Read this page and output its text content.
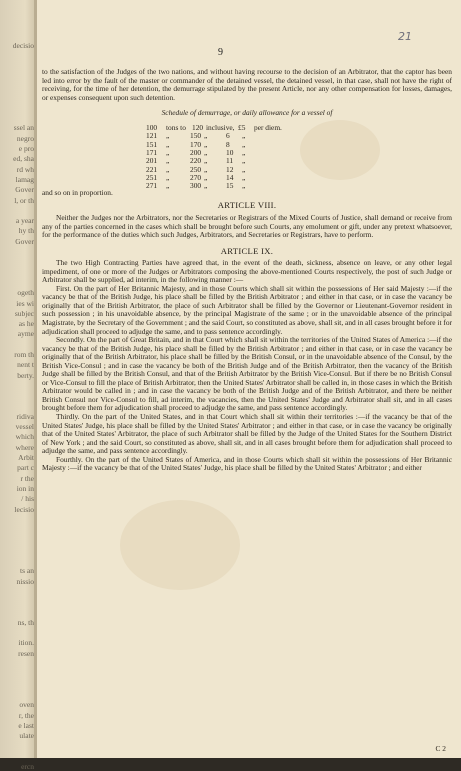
decisio
ssel an
negro
e pro
ed, sha
rd wh
lamag
Gover
l, or th
a year
hy th
Gover
ogeth
ies wi
subjec
as he
ayme
rom th
nent t
berty.
ridiva
vessel
which
where
Arbit
part c
r the
ion in
/ his
lecisio
ts an
nissio
ns, th
ition.
resen
oven
r, the
e last
ulate
ercn
21
9

to the satisfaction of the Judges of the two nations, and without having recourse to the decision of an Arbitrator, that the captor has been led into error by the fault of the master or commander of the detained vessel, the detained vessel, in that case, shall not have the right of receiving, for the time of her detention, the demurrage stipulated by the present Article, nor any other compensation for losses, damages, or expenses consequent upon such detention.

Schedule of demurrage, or daily allowance for a vessel of
100	tons to 120 inclusive, £5	per diem.
121	„	150 „	6	„
151	„	170 „	8	„
171	„	200 „	10	„
201	„	220 „	11	„
221	„	250 „	12	„
251	„	270 „	14	„
271	„	300 „	15	„

and so on in proportion.

ARTICLE VIII.

Neither the Judges nor the Arbitrators, nor the Secretaries or Registrars of the Mixed Courts of Justice, shall demand or receive from any of the parties concerned in the cases which shall be brought before such Courts, any emolument or gift, under any pretext whatsoever, for the performance of the duties which such Judges, Arbitrators, and Secretaries or Registrars, have to perform.

ARTICLE IX.

The two High Contracting Parties have agreed that, in the event of the death, sickness, absence on leave, or any other legal impediment, of one or more of the Judges or Arbitrators composing the above-mentioned Courts respectively, the post of such Judge or Arbitrator shall be supplied, ad interim, in the following manner :—

First. On the part of Her Britannic Majesty, and in those Courts which shall sit within the possessions of Her said Majesty :—if the vacancy be that of the British Judge, his place shall be filled by the British Arbitrator ; and either in that case, or in case the vacancy be originally that of the British Arbitrator, the place of such Arbitrator shall be filled by the Governor or Lieutenant-Governor resident in such possession ; in his unavoidable absence, by the principal Magistrate of the same ; or in the unavoidable absence of the principal Magistrate, by the Secretary of the Government ; and the said Court, so constituted as above, shall sit, and in all cases brought before it for adjudication shall proceed to adjudge the same, and to pass sentence accordingly.

Secondly. On the part of Great Britain, and in that Court which shall sit within the territories of the United States of America :—if the vacancy be that of the British Judge, his place shall be filled by the British Arbitrator ; and either in that case, or in case the vacancy be originally that of the British Arbitrator, his place shall be filled by the British Consul, or in the unavoidable absence of the Consul, by the British Vice-Consul ; and in case the vacancy be both of the British Judge and of the British Arbitrator, then the vacancy of the British Judge shall be filled by the British Consul, and that of the British Arbitrator by the British Vice-Consul. But if there be no British Consul or Vice-Consul to fill the place of British Arbitrator, then the United States' Arbitrator shall be called in, in those cases in which the British Arbitrator would be called in ; and in case the vacancy be both of the British Judge and of the British Arbitrator, and there be neither British Consul nor Vice-Consul to fill, ad interim, the vacancies, then the United States' Judge and Arbitrator shall sit, and in all cases brought before them for adjudication shall proceed to adjudge the same, and pass sentence accordingly.

Thirdly. On the part of the United States, and in that Court which shall sit within their territories :—if the vacancy be that of the United States' Judge, his place shall be filled by the United States' Arbitrator ; and either in that case, or in case the vacancy be originally that of the United States' Arbitrator, the place of such Arbitrator shall be filled by the Judge of the United States for the Southern District of New York ; and the said Court, so constituted as above, shall sit, and in all cases brought before them for adjudication shall proceed to adjudge the same, and pass sentence accordingly.

Fourthly. On the part of the United States of America, and in those Courts which shall sit within the possessions of Her Britannic Majesty :—if the vacancy be that of the United States' Judge, his place shall be filled by the United States' Arbitrator ; and either

C 2
